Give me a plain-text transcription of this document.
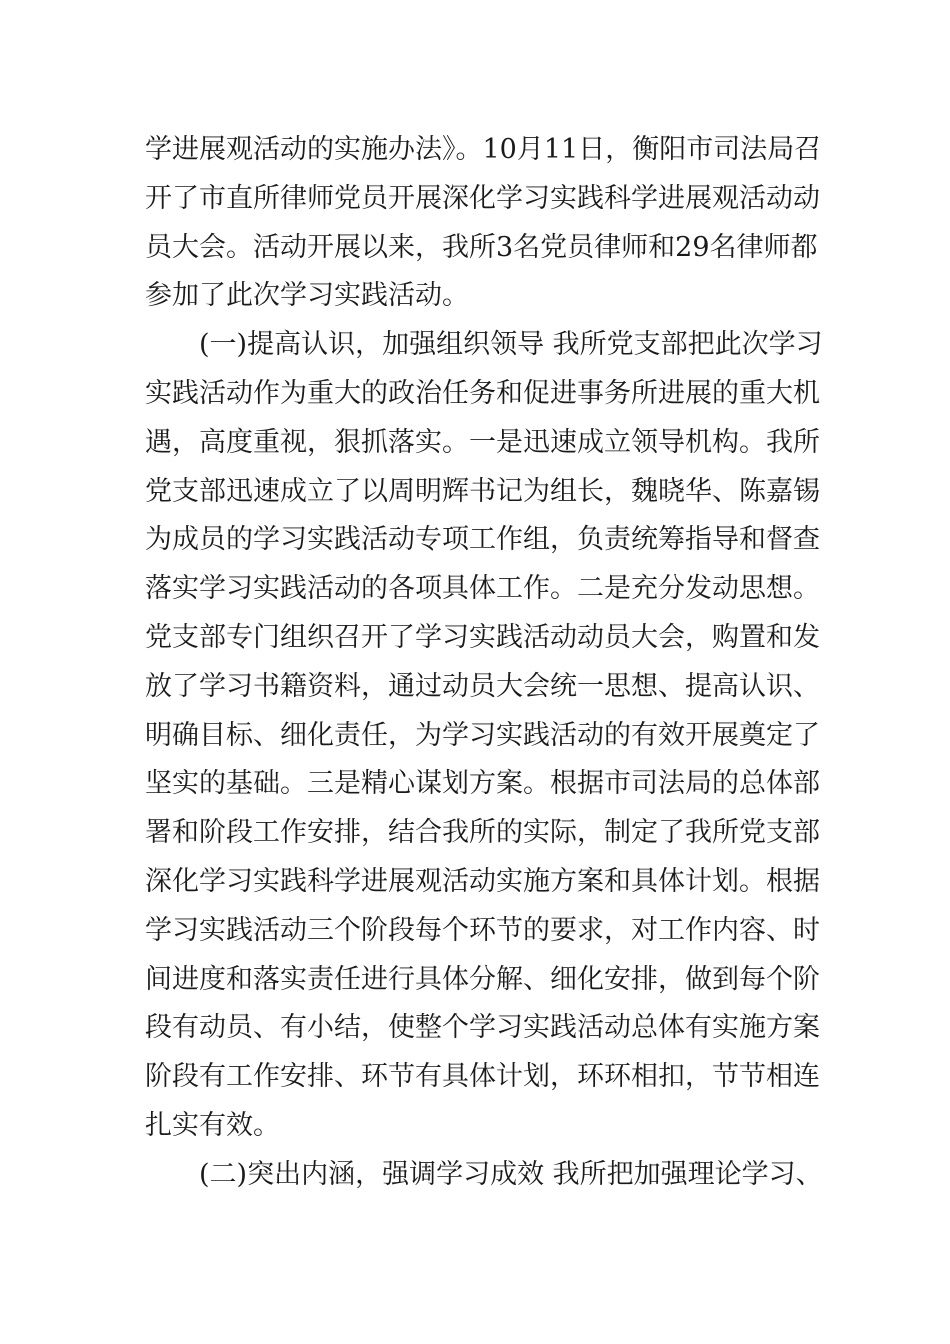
学进展观活动的实施办法》。10月11日，衡阳市司法局召
开了市直所律师党员开展深化学习实践科学进展观活动动
员大会。活动开展以来，我所3名党员律师和29名律师都
参加了此次学习实践活动。
(一)提高认识，加强组织领导 我所党支部把此次学习
实践活动作为重大的政治任务和促进事务所进展的重大机
遇，高度重视，狠抓落实。一是迅速成立领导机构。我所
党支部迅速成立了以周明辉书记为组长，魏晓华、陈嘉锡
为成员的学习实践活动专项工作组，负责统筹指导和督查
落实学习实践活动的各项具体工作。二是充分发动思想。
党支部专门组织召开了学习实践活动动员大会，购置和发
放了学习书籍资料，通过动员大会统一思想、提高认识、
明确目标、细化责任，为学习实践活动的有效开展奠定了
坚实的基础。三是精心谋划方案。根据市司法局的总体部
署和阶段工作安排，结合我所的实际，制定了我所党支部
深化学习实践科学进展观活动实施方案和具体计划。根据
学习实践活动三个阶段每个环节的要求，对工作内容、时
间进度和落实责任进行具体分解、细化安排，做到每个阶
段有动员、有小结，使整个学习实践活动总体有实施方案
阶段有工作安排、环节有具体计划，环环相扣，节节相连
扎实有效。
(二)突出内涵，强调学习成效 我所把加强理论学习、
